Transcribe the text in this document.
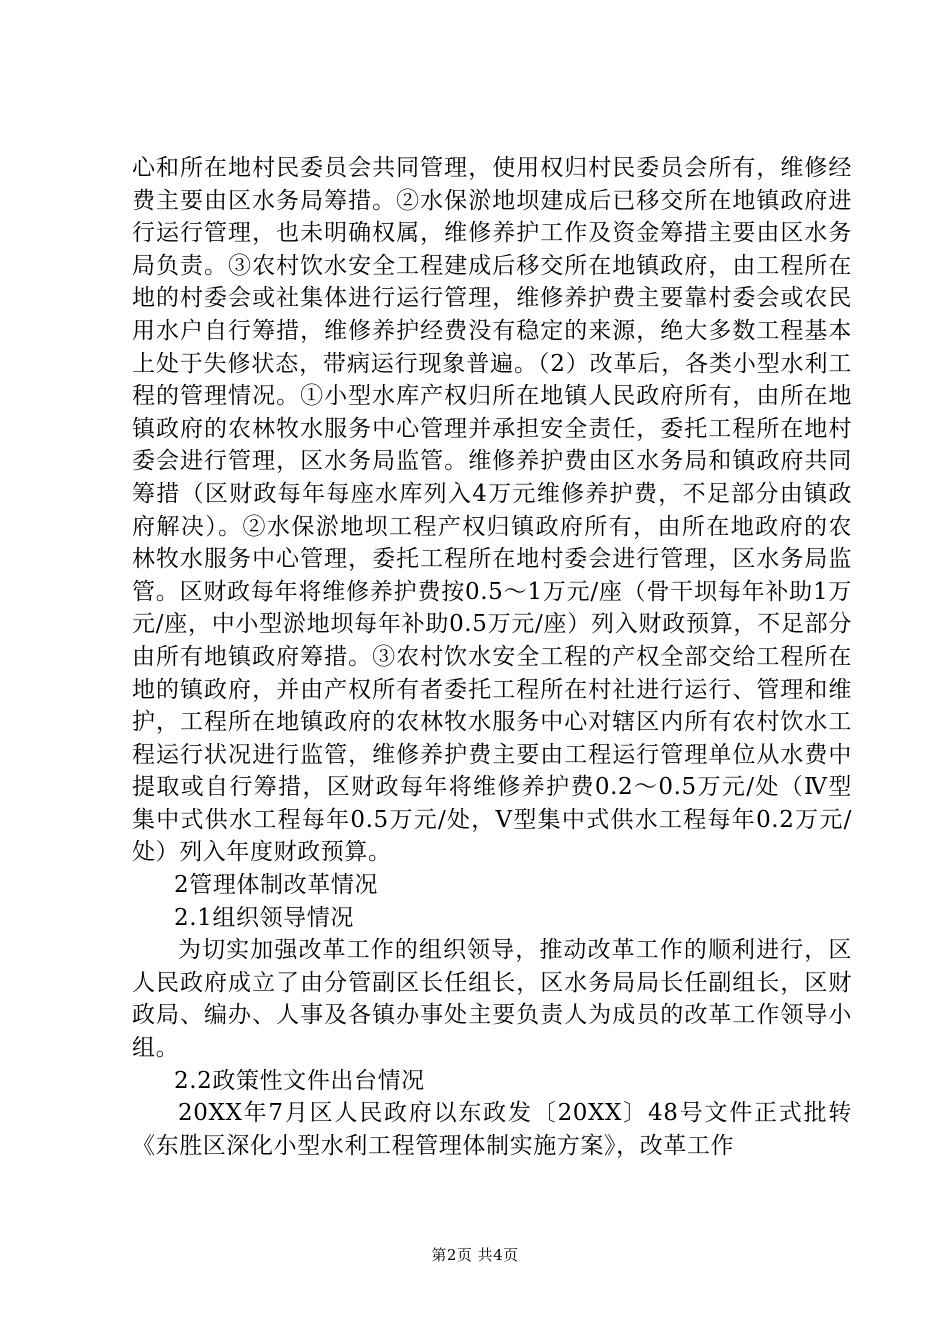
心和所在地村民委员会共同管理，使用权归村民委员会所有，维修经费主要由区水务局筹措。②水保淤地坝建成后已移交所在地镇政府进行运行管理，也未明确权属，维修养护工作及资金筹措主要由区水务局负责。③农村饮水安全工程建成后移交所在地镇政府，由工程所在地的村委会或社集体进行运行管理，维修养护费主要靠村委会或农民用水户自行筹措，维修养护经费没有稳定的来源，绝大多数工程基本上处于失修状态，带病运行现象普遍。（2）改革后，各类小型水利工程的管理情况。①小型水库产权归所在地镇人民政府所有，由所在地镇政府的农林牧水服务中心管理并承担安全责任，委托工程所在地村委会进行管理，区水务局监管。维修养护费由区水务局和镇政府共同筹措（区财政每年每座水库列入4万元维修养护费，不足部分由镇政府解决）。②水保淤地坝工程产权归镇政府所有，由所在地政府的农林牧水服务中心管理，委托工程所在地村委会进行管理，区水务局监管。区财政每年将维修养护费按0.5～1万元/座（骨干坝每年补助1万元/座，中小型淤地坝每年补助0.5万元/座）列入财政预算，不足部分由所有地镇政府筹措。③农村饮水安全工程的产权全部交给工程所在地的镇政府，并由产权所有者委托工程所在村社进行运行、管理和维护，工程所在地镇政府的农林牧水服务中心对辖区内所有农村饮水工程运行状况进行监管，维修养护费主要由工程运行管理单位从水费中提取或自行筹措，区财政每年将维修养护费0.2～0.5万元/处（Ⅳ型集中式供水工程每年0.5万元/处，Ⅴ型集中式供水工程每年0.2万元/处）列入年度财政预算。

2管理体制改革情况

2.1组织领导情况

为切实加强改革工作的组织领导，推动改革工作的顺利进行，区人民政府成立了由分管副区长任组长，区水务局局长任副组长，区财政局、编办、人事及各镇办事处主要负责人为成员的改革工作领导小组。

2.2政策性文件出台情况

20XX年7月区人民政府以东政发〔20XX〕48号文件正式批转《东胜区深化小型水利工程管理体制实施方案》，改革工作

第2页 共4页
